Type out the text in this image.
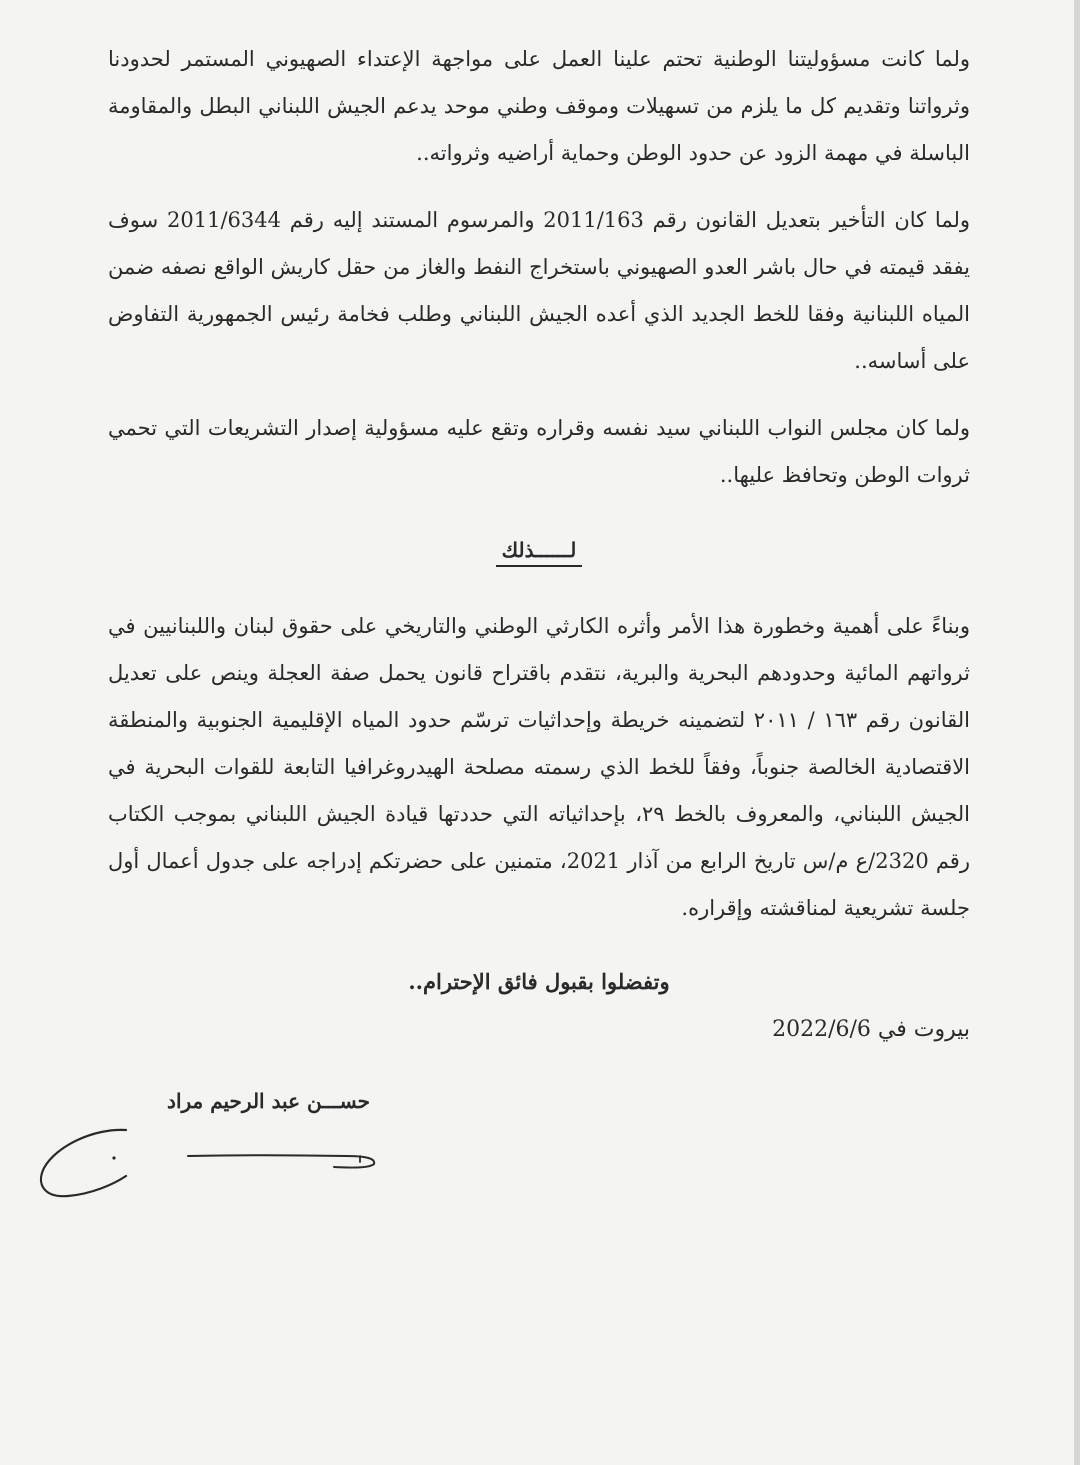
ولما كانت مسؤوليتنا الوطنية تحتم علينا العمل على مواجهة الإعتداء الصهيوني المستمر لحدودنا وثرواتنا وتقديم كل ما يلزم من تسهيلات وموقف وطني موحد يدعم الجيش اللبناني البطل والمقاومة الباسلة في مهمة الزود عن حدود الوطن وحماية أراضيه وثرواته..

ولما كان التأخير بتعديل القانون رقم 2011/163 والمرسوم المستند إليه رقم 2011/6344 سوف يفقد قيمته في حال باشر العدو الصهيوني باستخراج النفط والغاز من حقل كاريش الواقع نصفه ضمن المياه اللبنانية وفقا للخط الجديد الذي أعده الجيش اللبناني وطلب فخامة رئيس الجمهورية التفاوض على أساسه..

ولما كان مجلس النواب اللبناني سيد نفسه وقراره وتقع عليه مسؤولية إصدار التشريعات التي تحمي ثروات الوطن وتحافظ عليها..

لــــــذلك

وبناءً على أهمية وخطورة هذا الأمر وأثره الكارثي الوطني والتاريخي على حقوق لبنان واللبنانيين في ثرواتهم المائية وحدودهم البحرية والبرية، نتقدم باقتراح قانون يحمل صفة العجلة وينص على تعديل القانون رقم ١٦٣ / ٢٠١١ لتضمينه خريطة وإحداثيات ترسّم حدود المياه الإقليمية الجنوبية والمنطقة الاقتصادية الخالصة جنوباً، وفقاً للخط الذي رسمته مصلحة الهيدروغرافيا التابعة للقوات البحرية في الجيش اللبناني، والمعروف بالخط ٢٩، بإحداثياته التي حددتها قيادة الجيش اللبناني بموجب الكتاب رقم 2320/ع م/س تاريخ الرابع من آذار 2021، متمنين على حضرتكم إدراجه على جدول أعمال أول جلسة تشريعية لمناقشته وإقراره.

وتفضلوا بقبول فائق الإحترام..
بيروت في 2022/6/6
حســـن عبد الرحيم مراد
